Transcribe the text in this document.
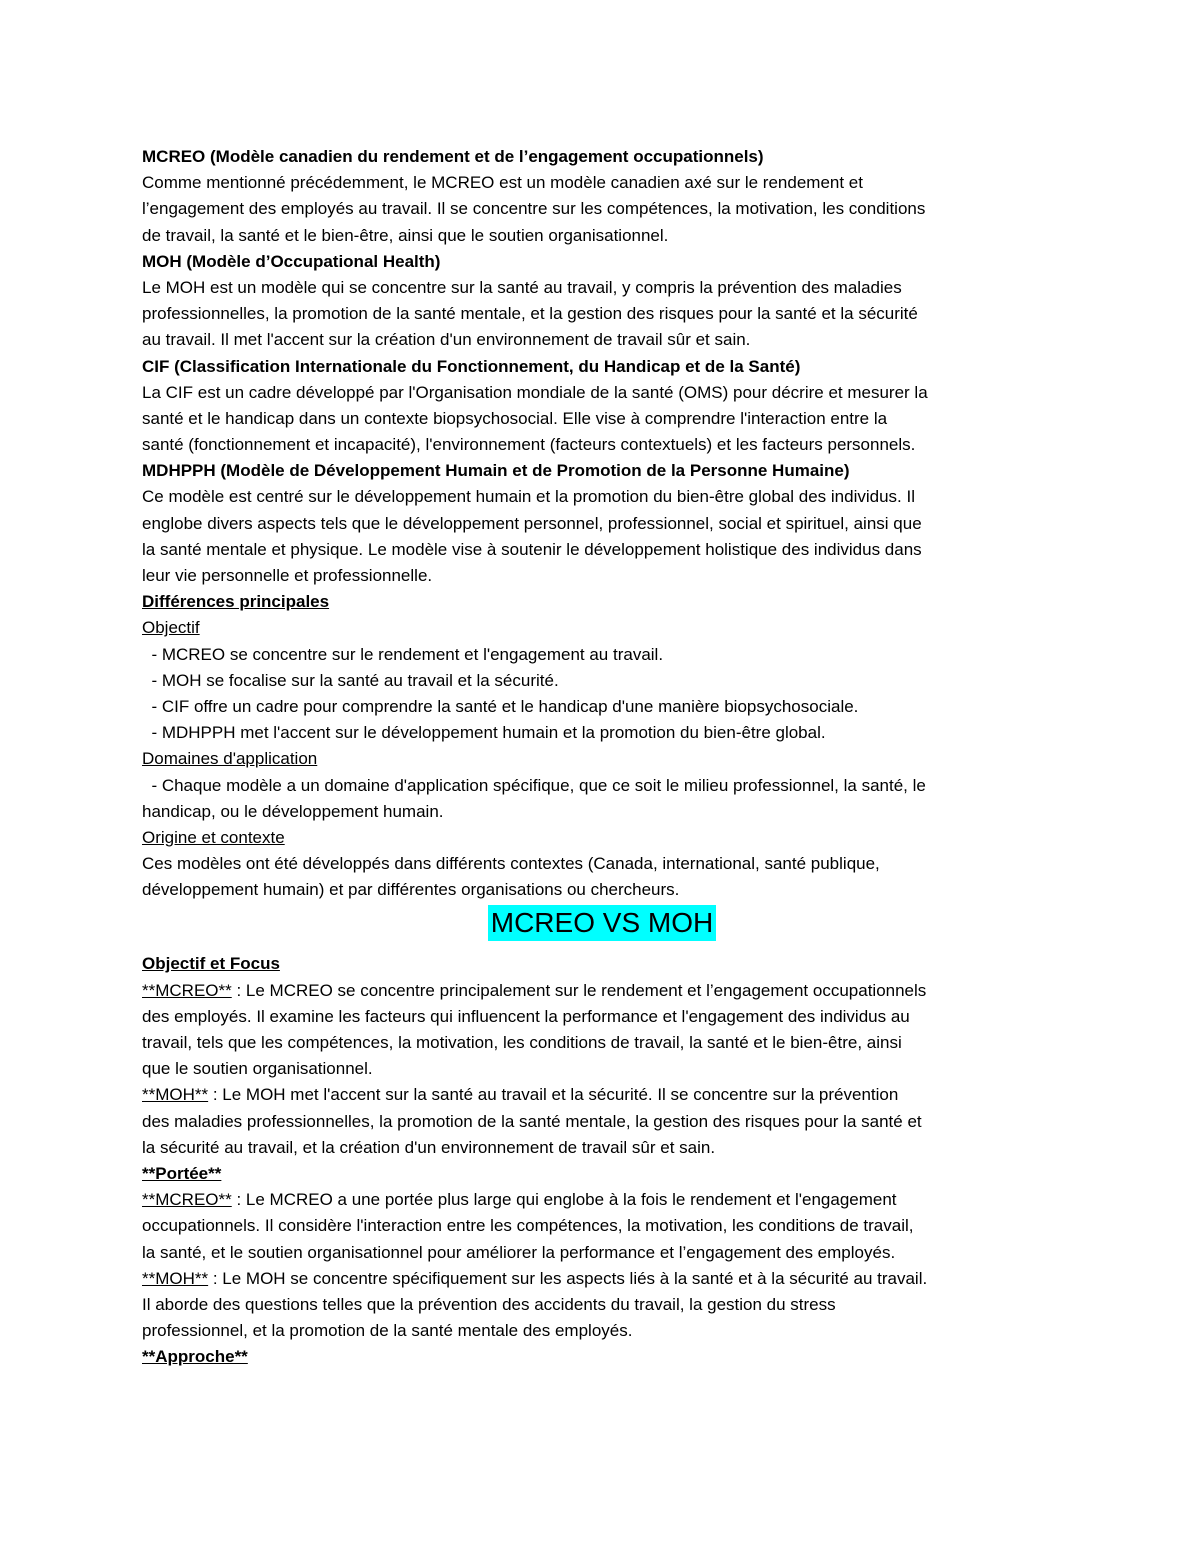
MCREO (Modèle canadien du rendement et de l’engagement occupationnels)
Comme mentionné précédemment, le MCREO est un modèle canadien axé sur le rendement et
l’engagement des employés au travail. Il se concentre sur les compétences, la motivation, les conditions
de travail, la santé et le bien-être, ainsi que le soutien organisationnel.
MOH (Modèle d’Occupational Health)
Le MOH est un modèle qui se concentre sur la santé au travail, y compris la prévention des maladies
professionnelles, la promotion de la santé mentale, et la gestion des risques pour la santé et la sécurité
au travail. Il met l'accent sur la création d'un environnement de travail sûr et sain.
CIF (Classification Internationale du Fonctionnement, du Handicap et de la Santé)
La CIF est un cadre développé par l'Organisation mondiale de la santé (OMS) pour décrire et mesurer la
santé et le handicap dans un contexte biopsychosocial. Elle vise à comprendre l'interaction entre la
santé (fonctionnement et incapacité), l'environnement (facteurs contextuels) et les facteurs personnels.
MDHPPH (Modèle de Développement Humain et de Promotion de la Personne Humaine)
Ce modèle est centré sur le développement humain et la promotion du bien-être global des individus. Il
englobe divers aspects tels que le développement personnel, professionnel, social et spirituel, ainsi que
la santé mentale et physique. Le modèle vise à soutenir le développement holistique des individus dans
leur vie personnelle et professionnelle.
Différences principales
Objectif
- MCREO se concentre sur le rendement et l'engagement au travail.
- MOH se focalise sur la santé au travail et la sécurité.
- CIF offre un cadre pour comprendre la santé et le handicap d'une manière biopsychosociale.
- MDHPPH met l'accent sur le développement humain et la promotion du bien-être global.
Domaines d'application
- Chaque modèle a un domaine d'application spécifique, que ce soit le milieu professionnel, la santé, le
handicap, ou le développement humain.
Origine et contexte
Ces modèles ont été développés dans différents contextes (Canada, international, santé publique,
développement humain) et par différentes organisations ou chercheurs.
MCREO VS MOH
Objectif et Focus
**MCREO** : Le MCREO se concentre principalement sur le rendement et l’engagement occupationnels
des employés. Il examine les facteurs qui influencent la performance et l'engagement des individus au
travail, tels que les compétences, la motivation, les conditions de travail, la santé et le bien-être, ainsi
que le soutien organisationnel.
**MOH** : Le MOH met l'accent sur la santé au travail et la sécurité. Il se concentre sur la prévention
des maladies professionnelles, la promotion de la santé mentale, la gestion des risques pour la santé et
la sécurité au travail, et la création d'un environnement de travail sûr et sain.
**Portée**
**MCREO** : Le MCREO a une portée plus large qui englobe à la fois le rendement et l'engagement
occupationnels. Il considère l'interaction entre les compétences, la motivation, les conditions de travail,
la santé, et le soutien organisationnel pour améliorer la performance et l’engagement des employés.
**MOH** : Le MOH se concentre spécifiquement sur les aspects liés à la santé et à la sécurité au travail.
Il aborde des questions telles que la prévention des accidents du travail, la gestion du stress
professionnel, et la promotion de la santé mentale des employés.
**Approche**
